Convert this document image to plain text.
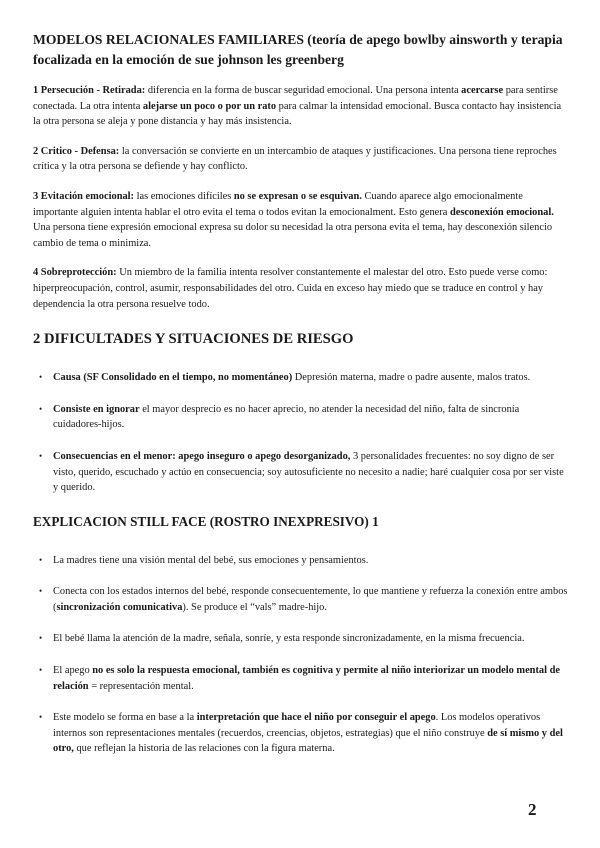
MODELOS RELACIONALES FAMILIARES (teoría de apego bowlby ainsworth y terapia focalizada en la emoción de sue johnson les greenberg

1 Persecución - Retirada: diferencia en la forma de buscar seguridad emocional. Una persona intenta acercarse para sentirse conectada. La otra intenta alejarse un poco o por un rato para calmar la intensidad emocional. Busca contacto hay insistencia la otra persona se aleja y pone distancia y hay más insistencia.

2 Critico - Defensa: la conversación se convierte en un intercambio de ataques y justificaciones. Una persona tiene reproches crítica y la otra persona se defiende y hay conflicto.

3 Evitación emocional: las emociones difíciles no se expresan o se esquivan. Cuando aparece algo emocionalmente importante alguien intenta hablar el otro evita el tema o todos evitan la emocionalment. Esto genera desconexión emocional. Una persona tiene expresión emocional expresa su dolor su necesidad la otra persona evita el tema, hay desconexión silencio cambio de tema o minimiza.

4 Sobreprotección: Un miembro de la familia intenta resolver constantemente el malestar del otro. Esto puede verse como: hiperpreocupación, control, asumir, responsabilidades del otro. Cuida en exceso hay miedo que se traduce en control y hay dependencia la otra persona resuelve todo.

2 DIFICULTADES Y SITUACIONES DE RIESGO
• Causa (SF Consolidado en el tiempo, no momentáneo) Depresión materna, madre o padre ausente, malos tratos.
• Consiste en ignorar el mayor desprecio es no hacer aprecio, no atender la necesidad del niño, falta de sincronía cuidadores-hijos.
• Consecuencias en el menor: apego inseguro o apego desorganizado, 3 personalidades frecuentes: no soy digno de ser visto, querido, escuchado y actúo en consecuencia; soy autosuficiente no necesito a nadie; haré cualquier cosa por ser viste y querido.
EXPLICACION STILL FACE (ROSTRO INEXPRESIVO) 1
• La madres tiene una visión mental del bebé, sus emociones y pensamientos.
• Conecta con los estados internos del bebé, responde consecuentemente, lo que mantiene y refuerza la conexión entre ambos (sincronización comunicativa). Se produce el “vals” madre-hijo.
• El bebé llama la atención de la madre, señala, sonríe, y esta responde sincronizadamente, en la misma frecuencia.
• El apego no es solo la respuesta emocional, también es cognitiva y permite al niño interiorizar un modelo mental de relación = representación mental.
• Este modelo se forma en base a la interpretación que hace el niño por conseguir el apego. Los modelos operativos internos son representaciones mentales (recuerdos, creencias, objetos, estrategias) que el niño construye de sí mismo y del otro, que reflejan la historia de las relaciones con la figura materna.
2
